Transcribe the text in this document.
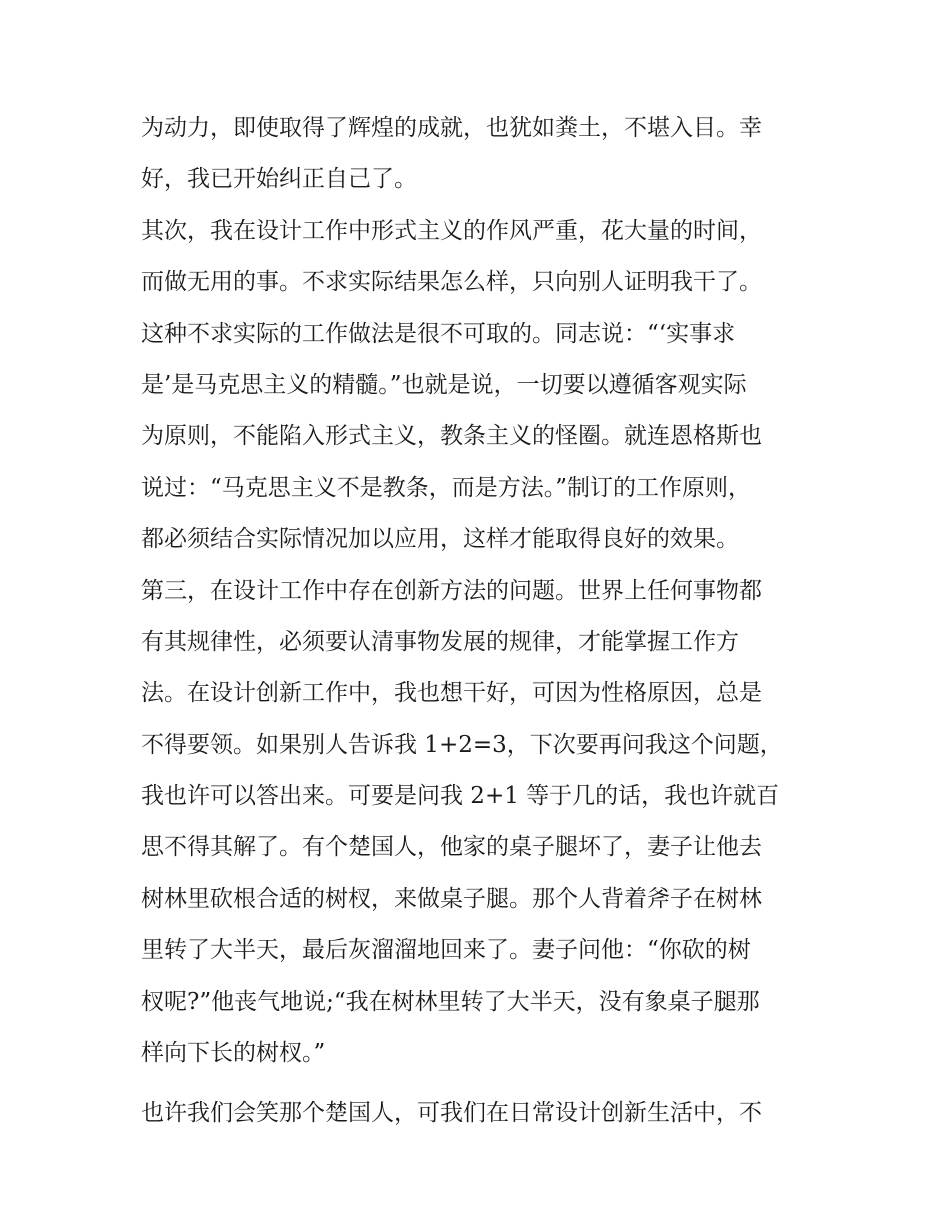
为动力，即使取得了辉煌的成就，也犹如粪土，不堪入目。幸
好，我已开始纠正自己了。
其次，我在设计工作中形式主义的作风严重，花大量的时间，
而做无用的事。不求实际结果怎么样，只向别人证明我干了。
这种不求实际的工作做法是很不可取的。同志说：“‘实事求
是’是马克思主义的精髓。”也就是说，一切要以遵循客观实际
为原则，不能陷入形式主义，教条主义的怪圈。就连恩格斯也
说过：“马克思主义不是教条，而是方法。”制订的工作原则，
都必须结合实际情况加以应用，这样才能取得良好的效果。
第三，在设计工作中存在创新方法的问题。世界上任何事物都
有其规律性，必须要认清事物发展的规律，才能掌握工作方
法。在设计创新工作中，我也想干好，可因为性格原因，总是
不得要领。如果别人告诉我 1+2=3，下次要再问我这个问题，
我也许可以答出来。可要是问我 2+1 等于几的话，我也许就百
思不得其解了。有个楚国人，他家的桌子腿坏了，妻子让他去
树林里砍根合适的树杈，来做桌子腿。那个人背着斧子在树林
里转了大半天，最后灰溜溜地回来了。妻子问他：“你砍的树
杈呢?”他丧气地说;“我在树林里转了大半天，没有象桌子腿那
样向下长的树杈。”
也许我们会笑那个楚国人，可我们在日常设计创新生活中，不
